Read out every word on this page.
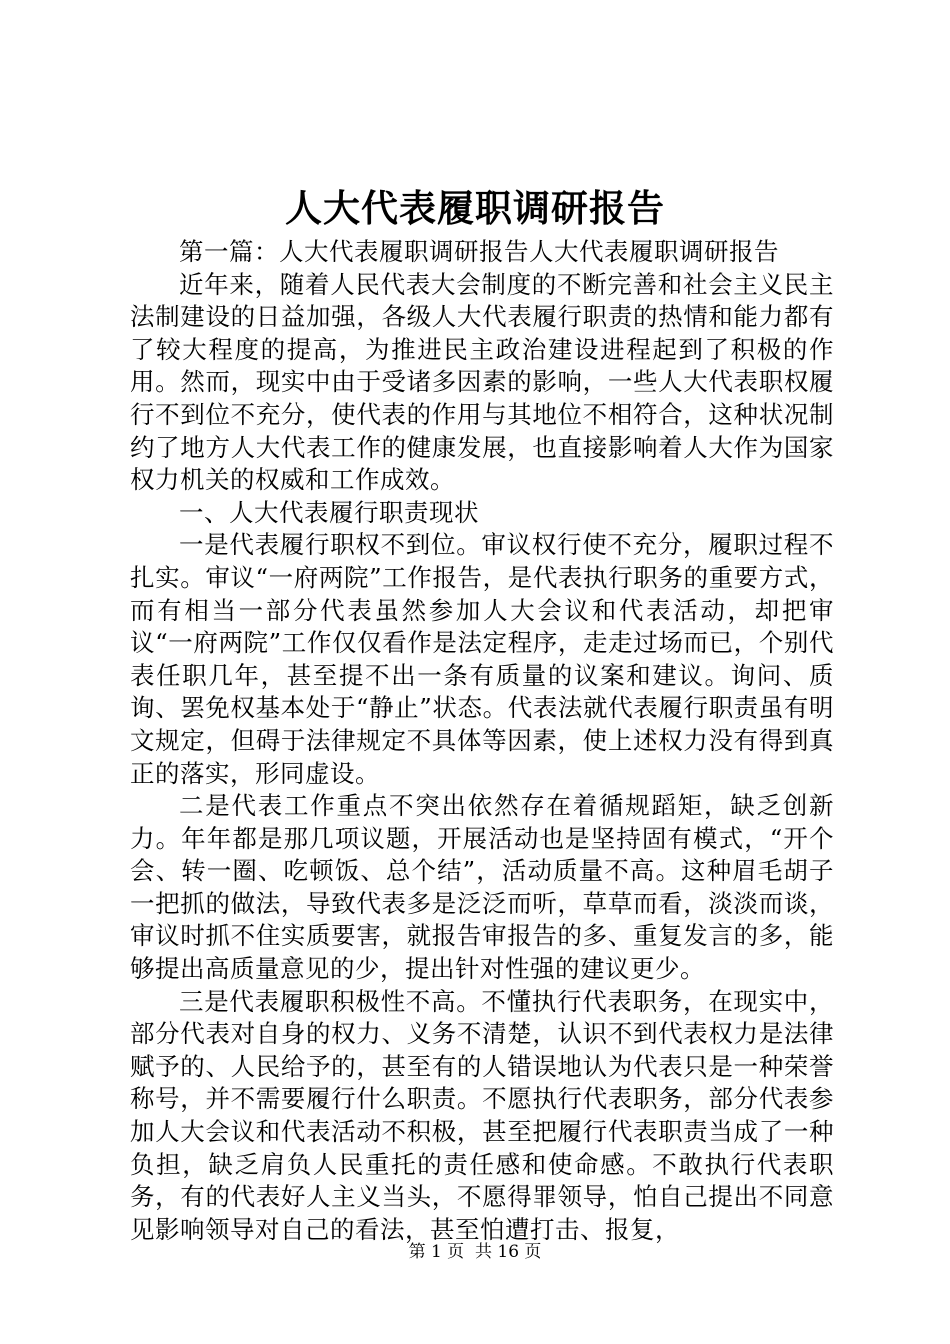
人大代表履职调研报告

第一篇：人大代表履职调研报告人大代表履职调研报告

近年来，随着人民代表大会制度的不断完善和社会主义民主法制建设的日益加强，各级人大代表履行职责的热情和能力都有了较大程度的提高，为推进民主政治建设进程起到了积极的作用。然而，现实中由于受诸多因素的影响，一些人大代表职权履行不到位不充分，使代表的作用与其地位不相符合，这种状况制约了地方人大代表工作的健康发展，也直接影响着人大作为国家权力机关的权威和工作成效。

一、人大代表履行职责现状

一是代表履行职权不到位。审议权行使不充分，履职过程不扎实。审议“一府两院”工作报告，是代表执行职务的重要方式，而有相当一部分代表虽然参加人大会议和代表活动，却把审议“一府两院”工作仅仅看作是法定程序，走走过场而已，个别代表任职几年，甚至提不出一条有质量的议案和建议。询问、质询、罢免权基本处于“静止”状态。代表法就代表履行职责虽有明文规定，但碍于法律规定不具体等因素，使上述权力没有得到真正的落实，形同虚设。

二是代表工作重点不突出依然存在着循规蹈矩，缺乏创新力。年年都是那几项议题，开展活动也是坚持固有模式，“开个会、转一圈、吃顿饭、总个结”，活动质量不高。这种眉毛胡子一把抓的做法，导致代表多是泛泛而听，草草而看，淡淡而谈，审议时抓不住实质要害，就报告审报告的多、重复发言的多，能够提出高质量意见的少，提出针对性强的建议更少。

三是代表履职积极性不高。不懂执行代表职务，在现实中，部分代表对自身的权力、义务不清楚，认识不到代表权力是法律赋予的、人民给予的，甚至有的人错误地认为代表只是一种荣誉称号，并不需要履行什么职责。不愿执行代表职务，部分代表参加人大会议和代表活动不积极，甚至把履行代表职责当成了一种负担，缺乏肩负人民重托的责任感和使命感。不敢执行代表职务，有的代表好人主义当头，不愿得罪领导，怕自己提出不同意见影响领导对自己的看法，甚至怕遭打击、报复，

第 1 页  共 16 页
